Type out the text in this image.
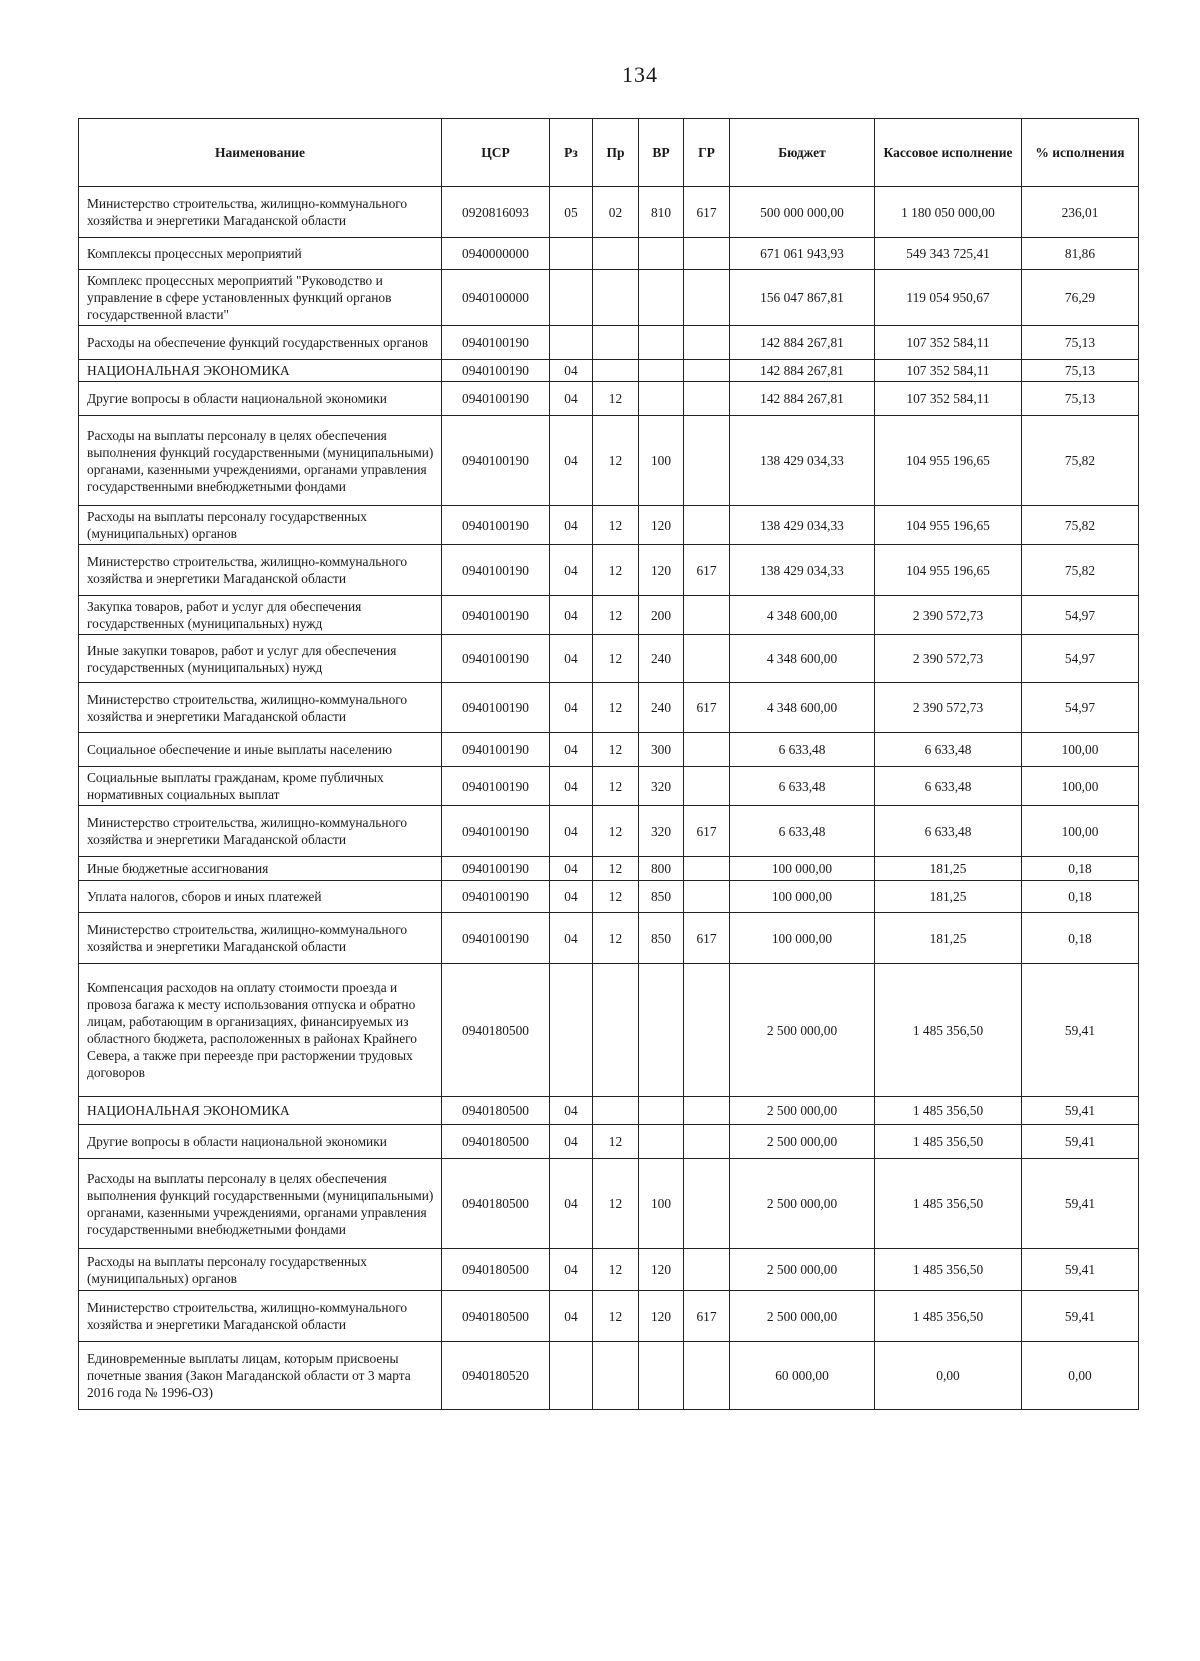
134
Наименование	ЦСР	Рз	Пр	ВР	ГР	Бюджет	Кассовое исполнение	% исполнения
Министерство строительства, жилищно-коммунального хозяйства и энергетики Магаданской области	0920816093	05	02	810	617	500 000 000,00	1 180 050 000,00	236,01
Комплексы процессных мероприятий	0940000000					671 061 943,93	549 343 725,41	81,86
Комплекс процессных мероприятий "Руководство и управление в сфере установленных функций органов государственной власти"	0940100000					156 047 867,81	119 054 950,67	76,29
Расходы на обеспечение функций государственных органов	0940100190					142 884 267,81	107 352 584,11	75,13
НАЦИОНАЛЬНАЯ ЭКОНОМИКА	0940100190	04				142 884 267,81	107 352 584,11	75,13
Другие вопросы в области национальной экономики	0940100190	04	12			142 884 267,81	107 352 584,11	75,13
Расходы на выплаты персоналу в целях обеспечения выполнения функций государственными (муниципальными) органами, казенными учреждениями, органами управления государственными внебюджетными фондами	0940100190	04	12	100		138 429 034,33	104 955 196,65	75,82
Расходы на выплаты персоналу государственных (муниципальных) органов	0940100190	04	12	120		138 429 034,33	104 955 196,65	75,82
Министерство строительства, жилищно-коммунального хозяйства и энергетики Магаданской области	0940100190	04	12	120	617	138 429 034,33	104 955 196,65	75,82
Закупка товаров, работ и услуг для обеспечения государственных (муниципальных) нужд	0940100190	04	12	200		4 348 600,00	2 390 572,73	54,97
Иные закупки товаров, работ и услуг для обеспечения государственных (муниципальных) нужд	0940100190	04	12	240		4 348 600,00	2 390 572,73	54,97
Министерство строительства, жилищно-коммунального хозяйства и энергетики Магаданской области	0940100190	04	12	240	617	4 348 600,00	2 390 572,73	54,97
Социальное обеспечение и иные выплаты населению	0940100190	04	12	300		6 633,48	6 633,48	100,00
Социальные выплаты гражданам, кроме публичных нормативных социальных выплат	0940100190	04	12	320		6 633,48	6 633,48	100,00
Министерство строительства, жилищно-коммунального хозяйства и энергетики Магаданской области	0940100190	04	12	320	617	6 633,48	6 633,48	100,00
Иные бюджетные ассигнования	0940100190	04	12	800		100 000,00	181,25	0,18
Уплата налогов, сборов и иных платежей	0940100190	04	12	850		100 000,00	181,25	0,18
Министерство строительства, жилищно-коммунального хозяйства и энергетики Магаданской области	0940100190	04	12	850	617	100 000,00	181,25	0,18
Компенсация расходов на оплату стоимости проезда и провоза багажа к месту использования отпуска и обратно лицам, работающим в организациях, финансируемых из областного бюджета, расположенных в районах Крайнего Севера, а также при переезде при расторжении трудовых договоров	0940180500					2 500 000,00	1 485 356,50	59,41
НАЦИОНАЛЬНАЯ ЭКОНОМИКА	0940180500	04				2 500 000,00	1 485 356,50	59,41
Другие вопросы в области национальной экономики	0940180500	04	12			2 500 000,00	1 485 356,50	59,41
Расходы на выплаты персоналу в целях обеспечения выполнения функций государственными (муниципальными) органами, казенными учреждениями, органами управления государственными внебюджетными фондами	0940180500	04	12	100		2 500 000,00	1 485 356,50	59,41
Расходы на выплаты персоналу государственных (муниципальных) органов	0940180500	04	12	120		2 500 000,00	1 485 356,50	59,41
Министерство строительства, жилищно-коммунального хозяйства и энергетики Магаданской области	0940180500	04	12	120	617	2 500 000,00	1 485 356,50	59,41
Единовременные выплаты лицам, которым присвоены почетные звания (Закон Магаданской области от 3 марта 2016 года № 1996-ОЗ)	0940180520					60 000,00	0,00	0,00
